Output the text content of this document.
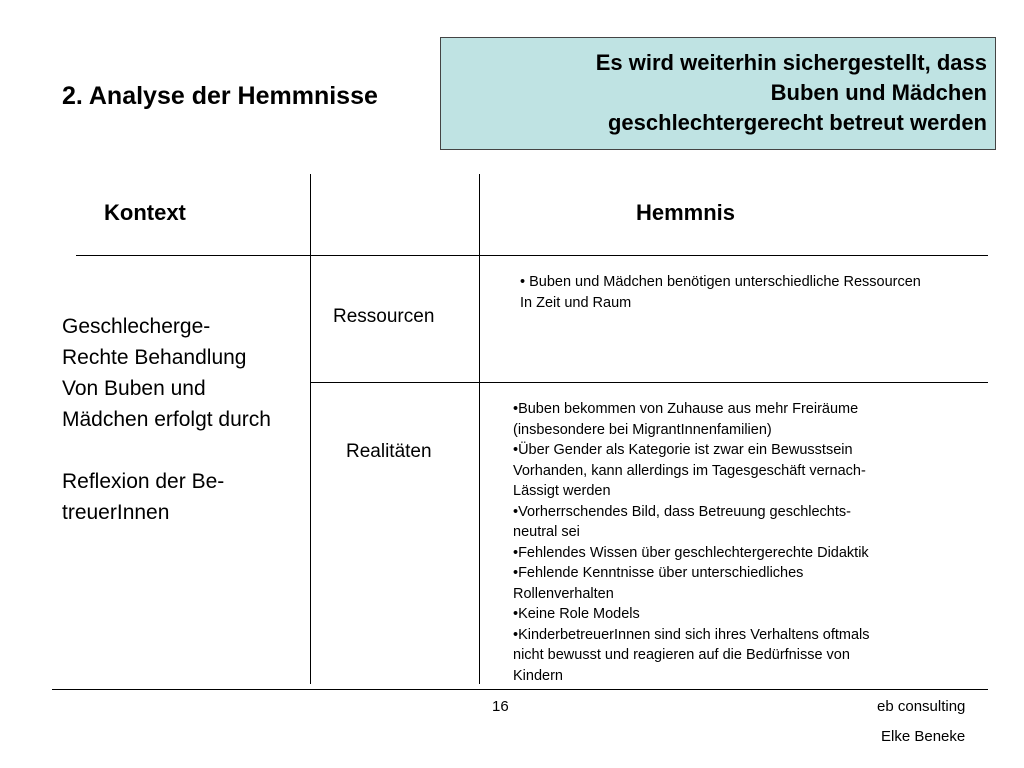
2. Analyse der Hemmnisse
Es wird weiterhin sichergestellt, dass
Buben und Mädchen
geschlechtergerecht betreut werden
Kontext	Hemmnis
Geschlecherge-
Rechte Behandlung
Von Buben und
Mädchen erfolgt durch
Reflexion der Be-
treuerInnen
Ressourcen
• Buben und Mädchen benötigen unterschiedliche Ressourcen
In Zeit und Raum
Realitäten
•Buben bekommen von Zuhause aus mehr Freiräume
(insbesondere bei MigrantInnenfamilien)
•Über Gender als Kategorie ist zwar ein Bewusstsein
Vorhanden, kann allerdings im Tagesgeschäft vernach-
Lässigt werden
•Vorherrschendes Bild, dass Betreuung geschlechts-
neutral sei
•Fehlendes Wissen über geschlechtergerechte Didaktik
•Fehlende Kenntnisse über unterschiedliches
Rollenverhalten
•Keine Role Models
•KinderbetreuerInnen sind sich ihres Verhaltens oftmals
nicht bewusst und reagieren auf die Bedürfnisse von
Kindern
16	eb consulting
Elke Beneke
